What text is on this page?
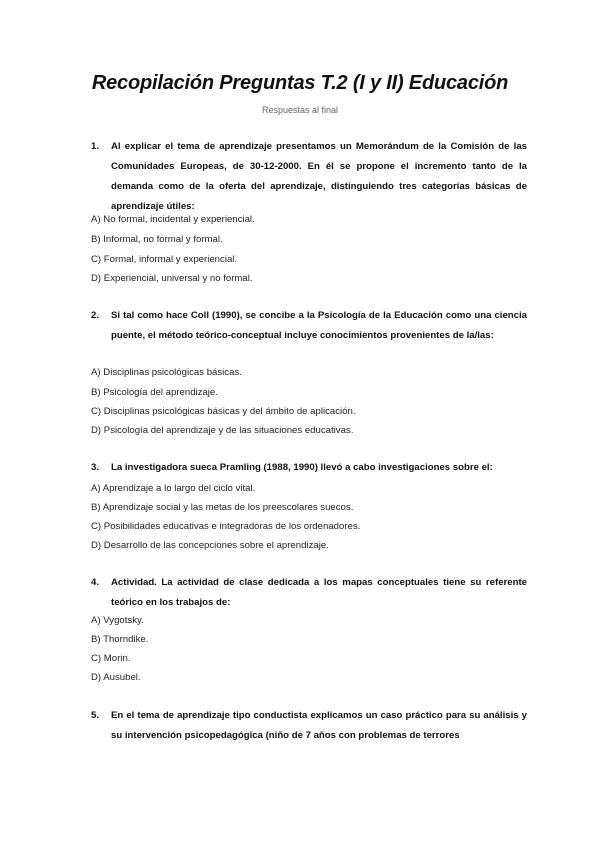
Recopilación Preguntas T.2 (I y II) Educación
Respuestas al final
1.	Al explicar el tema de aprendizaje presentamos un Memorándum de la Comisión de las Comunidades Europeas, de 30-12-2000. En él se propone el incremento tanto de la demanda como de la oferta del aprendizaje, distinguiendo tres categorías básicas de aprendizaje útiles:
A) No formal, incidental y experiencial.
B) Informal, no formal y formal.
C) Formal, informal y experiencial.
D) Experiencial, universal y no formal.
2.	Si tal como hace Coll (1990), se concibe a la Psicología de la Educación como una ciencia puente, el método teórico-conceptual incluye conocimientos provenientes de la/las:
A) Disciplinas psicológicas básicas.
B) Psicología del aprendizaje.
C) Disciplinas psicológicas básicas y del ámbito de aplicación.
D) Psicología del aprendizaje y de las situaciones educativas.
3.	La investigadora sueca Pramling (1988, 1990) llevó a cabo investigaciones sobre el:
A) Aprendizaje a lo largo del ciclo vital.
B) Aprendizaje social y las metas de los preescolares suecos.
C) Posibilidades educativas e integradoras de los ordenadores.
D) Desarrollo de las concepciones sobre el aprendizaje.
4.	Actividad. La actividad de clase dedicada a los mapas conceptuales tiene su referente teórico en los trabajos de:
A) Vygotsky.
B) Thorndike.
C) Morin.
D) Ausubel.
5.	En el tema de aprendizaje tipo conductista explicamos un caso práctico para su análisis y su intervención psicopedagógica (niño de 7 años con problemas de terrores
